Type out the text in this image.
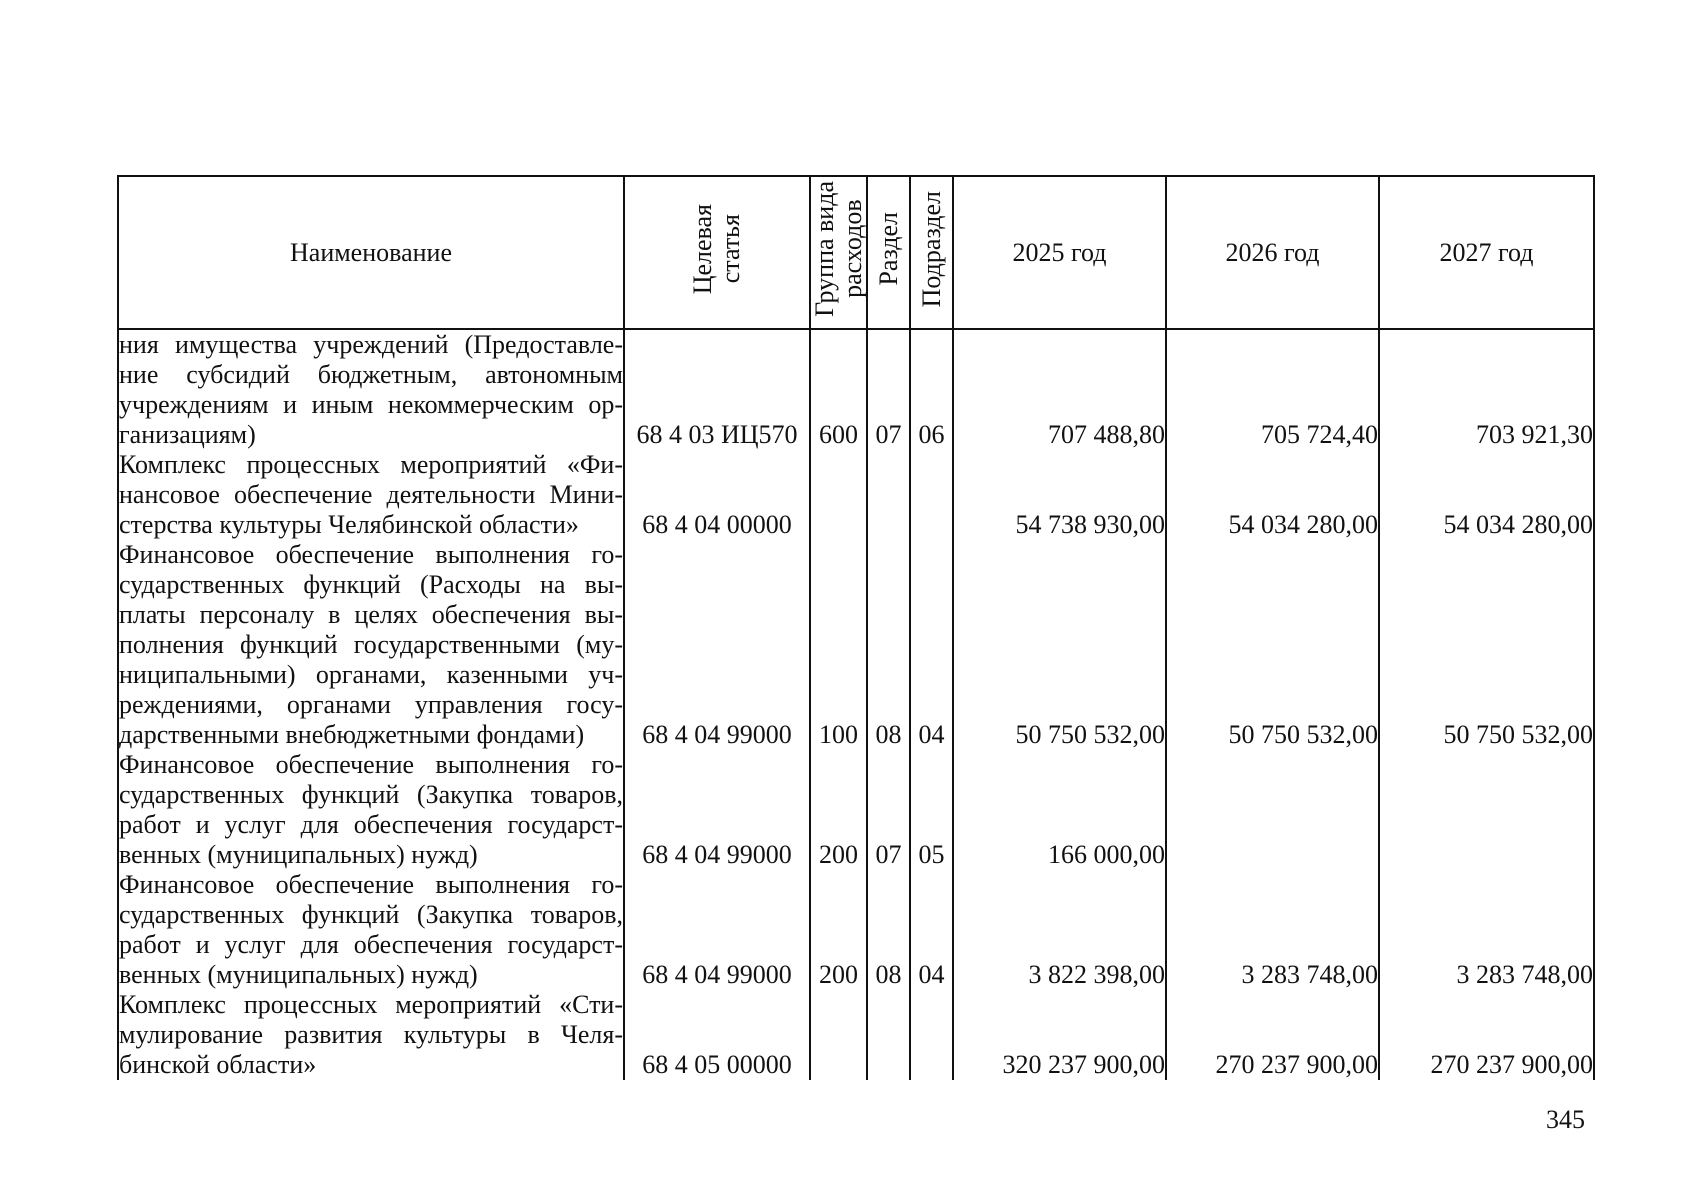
Наименование	Целевая статья	Группа вида расходов	Раздел	Подраздел	2025 год	2026 год	2027 год
ния имущества учреждений (Предоставле-ние субсидий бюджетным, автономным учреждениям и иным некоммерческим ор-ганизациям)	68 4 03 ИЦ570	600	07	06	707 488,80	705 724,40	703 921,30
Комплекс процессных мероприятий «Фи-нансовое обеспечение деятельности Мини-стерства культуры Челябинской области»	68 4 04 00000				54 738 930,00	54 034 280,00	54 034 280,00
Финансовое обеспечение выполнения го-сударственных функций (Расходы на вы-платы персоналу в целях обеспечения вы-полнения функций государственными (му-ниципальными) органами, казенными уч-реждениями, органами управления госу-дарственными внебюджетными фондами)	68 4 04 99000	100	08	04	50 750 532,00	50 750 532,00	50 750 532,00
Финансовое обеспечение выполнения го-сударственных функций (Закупка товаров, работ и услуг для обеспечения государст-венных (муниципальных) нужд)	68 4 04 99000	200	07	05	166 000,00		
Финансовое обеспечение выполнения го-сударственных функций (Закупка товаров, работ и услуг для обеспечения государст-венных (муниципальных) нужд)	68 4 04 99000	200	08	04	3 822 398,00	3 283 748,00	3 283 748,00
Комплекс процессных мероприятий «Сти-мулирование развития культуры в Челя-бинской области»	68 4 05 00000				320 237 900,00	270 237 900,00	270 237 900,00
345
